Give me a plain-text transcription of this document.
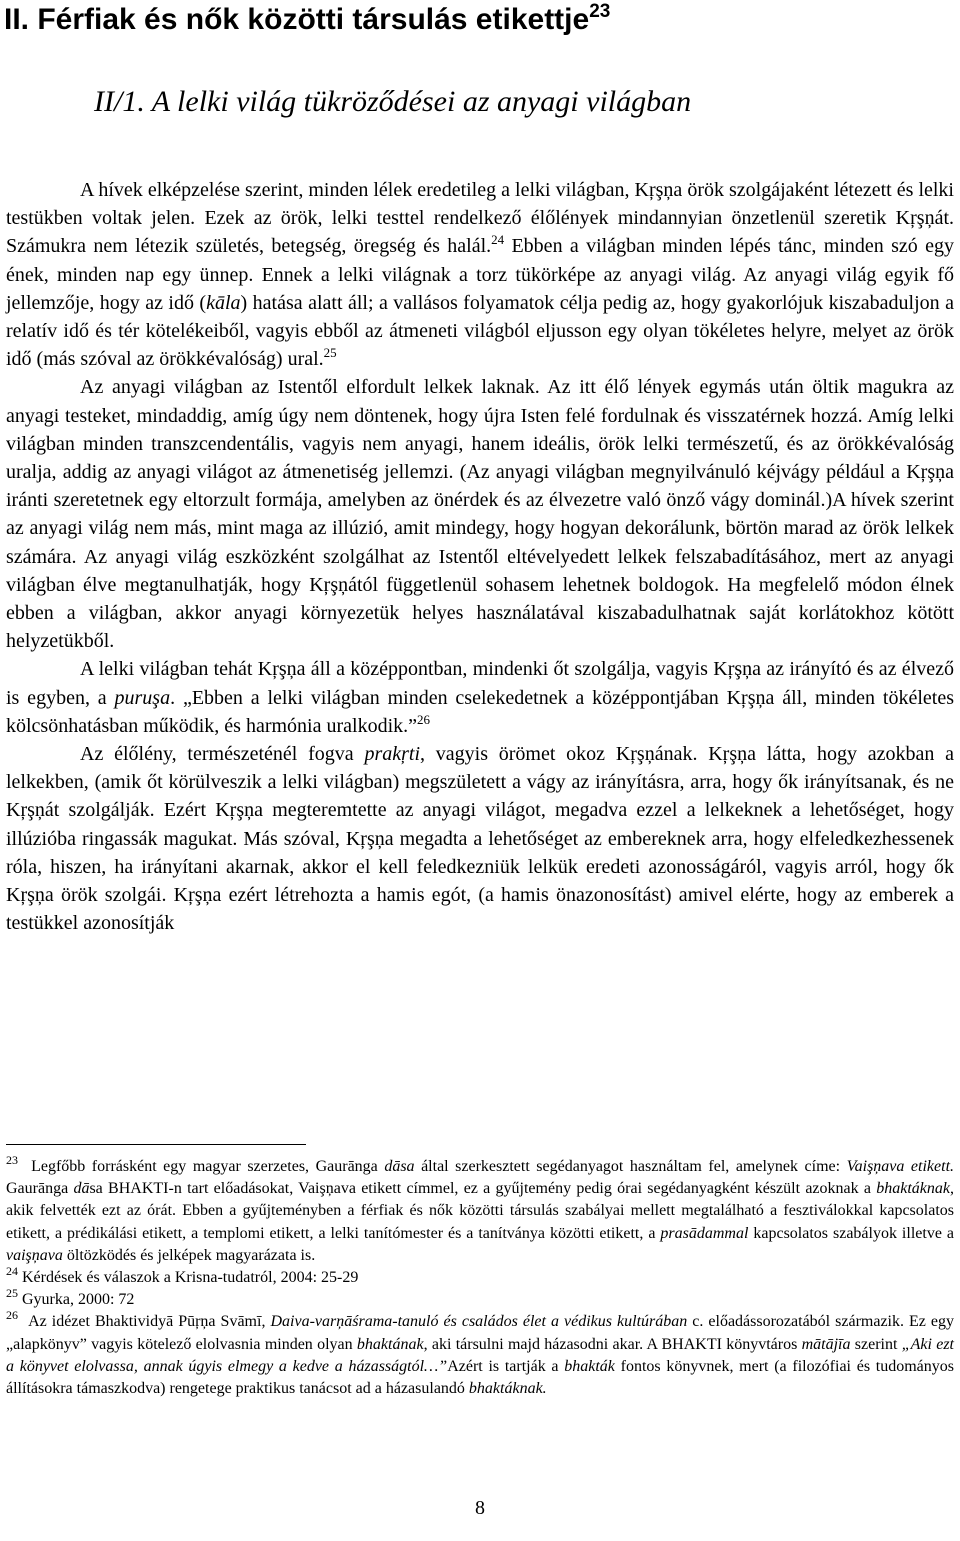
II. Férfiak és nők közötti társulás etikettje$^{23}$
II/1. A lelki világ tükröződései az anyagi világban

A hívek elképzelése szerint, minden lélek eredetileg a lelki világban, Kŗşņa örök szolgájaként létezett és lelki testükben voltak jelen. Ezek az örök, lelki testtel rendelkező élőlények mindannyian önzetlenül szeretik Kŗşņát. Számukra nem létezik születés, betegség, öregség és halál.$^{24}$ Ebben a világban minden lépés tánc, minden szó egy ének, minden nap egy ünnep. Ennek a lelki világnak a torz tükörképe az anyagi világ. Az anyagi világ egyik fő jellemzője, hogy az idő (kāla) hatása alatt áll; a vallásos folyamatok célja pedig az, hogy gyakorlójuk kiszabaduljon a relatív idő és tér kötelékeiből, vagyis ebből az átmeneti világból eljusson egy olyan tökéletes helyre, melyet az örök idő (más szóval az örökkévalóság) ural.$^{25}$

Az anyagi világban az Istentől elfordult lelkek laknak. Az itt élő lények egymás után öltik magukra az anyagi testeket, mindaddig, amíg úgy nem döntenek, hogy újra Isten felé fordulnak és visszatérnek hozzá. Amíg lelki világban minden transzcendentális, vagyis nem anyagi, hanem ideális, örök lelki természetű, és az örökkévalóság uralja, addig az anyagi világot az átmenetiség jellemzi. (Az anyagi világban megnyilvánuló kéjvágy például a Kŗşņa iránti szeretetnek egy eltorzult formája, amelyben az önérdek és az élvezetre való önző vágy dominál.)A hívek szerint az anyagi világ nem más, mint maga az illúzió, amit mindegy, hogy hogyan dekorálunk, börtön marad az örök lelkek számára. Az anyagi világ eszközként szolgálhat az Istentől eltévelyedett lelkek felszabadításához, mert az anyagi világban élve megtanulhatják, hogy Kŗşņától függetlenül sohasem lehetnek boldogok. Ha megfelelő módon élnek ebben a világban, akkor anyagi környezetük helyes használatával kiszabadulhatnak saját korlátokhoz kötött helyzetükből.

A lelki világban tehát Kŗşņa áll a középpontban, mindenki őt szolgálja, vagyis Kŗşņa az irányító és az élvező is egyben, a puruşa. „Ebben a lelki világban minden cselekedetnek a középpontjában Kŗşņa áll, minden tökéletes kölcsönhatásban működik, és harmónia uralkodik.”$^{26}$

Az élőlény, természeténél fogva prakŗti, vagyis örömet okoz Kŗşņának. Kŗşņa látta, hogy azokban a lelkekben, (amik őt körülveszik a lelki világban) megszületett a vágy az irányításra, arra, hogy ők irányítsanak, és ne Kŗşņát szolgálják. Ezért Kŗşņa megteremtette az anyagi világot, megadva ezzel a lelkeknek a lehetőséget, hogy illúzióba ringassák magukat. Más szóval, Kŗşņa megadta a lehetőséget az embereknek arra, hogy elfeledkezhessenek róla, hiszen, ha irányítani akarnak, akkor el kell feledkezniük lelkük eredeti azonosságáról, vagyis arról, hogy ők Kŗşņa örök szolgái. Kŗşņa ezért létrehozta a hamis egót, (a hamis önazonosítást) amivel elérte, hogy az emberek a testükkel azonosítják

$^{23}$ Legfőbb forrásként egy magyar szerzetes, Gaurānga dāsa által szerkesztett segédanyagot használtam fel, amelynek címe: Vaişņava etikett. Gaurānga dāsa BHAKTI-n tart előadásokat, Vaişņava etikett címmel, ez a gyűjtemény pedig órai segédanyagként készült azoknak a bhaktáknak, akik felvették ezt az órát. Ebben a gyűjteményben a férfiak és nők közötti társulás szabályai mellett megtalálható a fesztiválokkal kapcsolatos etikett, a prédikálási etikett, a templomi etikett, a lelki tanítómester és a tanítványa közötti etikett, a prasādammal kapcsolatos szabályok illetve a vaişņava öltözködés és jelképek magyarázata is.

$^{24}$ Kérdések és válaszok a Krisna-tudatról, 2004: 25-29

$^{25}$ Gyurka, 2000: 72

$^{26}$ Az idézet Bhaktividyā Pūŗņa Svāmī, Daiva-varņāśrama-tanuló és családos élet a védikus kultúrában c. előadássorozatából származik. Ez egy „alapkönyv” vagyis kötelező elolvasnia minden olyan bhaktának, aki társulni majd házasodni akar. A BHAKTI könyvtáros mātājīa szerint „Aki ezt a könyvet elolvassa, annak úgyis elmegy a kedve a házasságtól…”Azért is tartják a bhakták fontos könyvnek, mert (a filozófiai és tudományos állításokra támaszkodva) rengetege praktikus tanácsot ad a házasulandó bhaktáknak.

8
